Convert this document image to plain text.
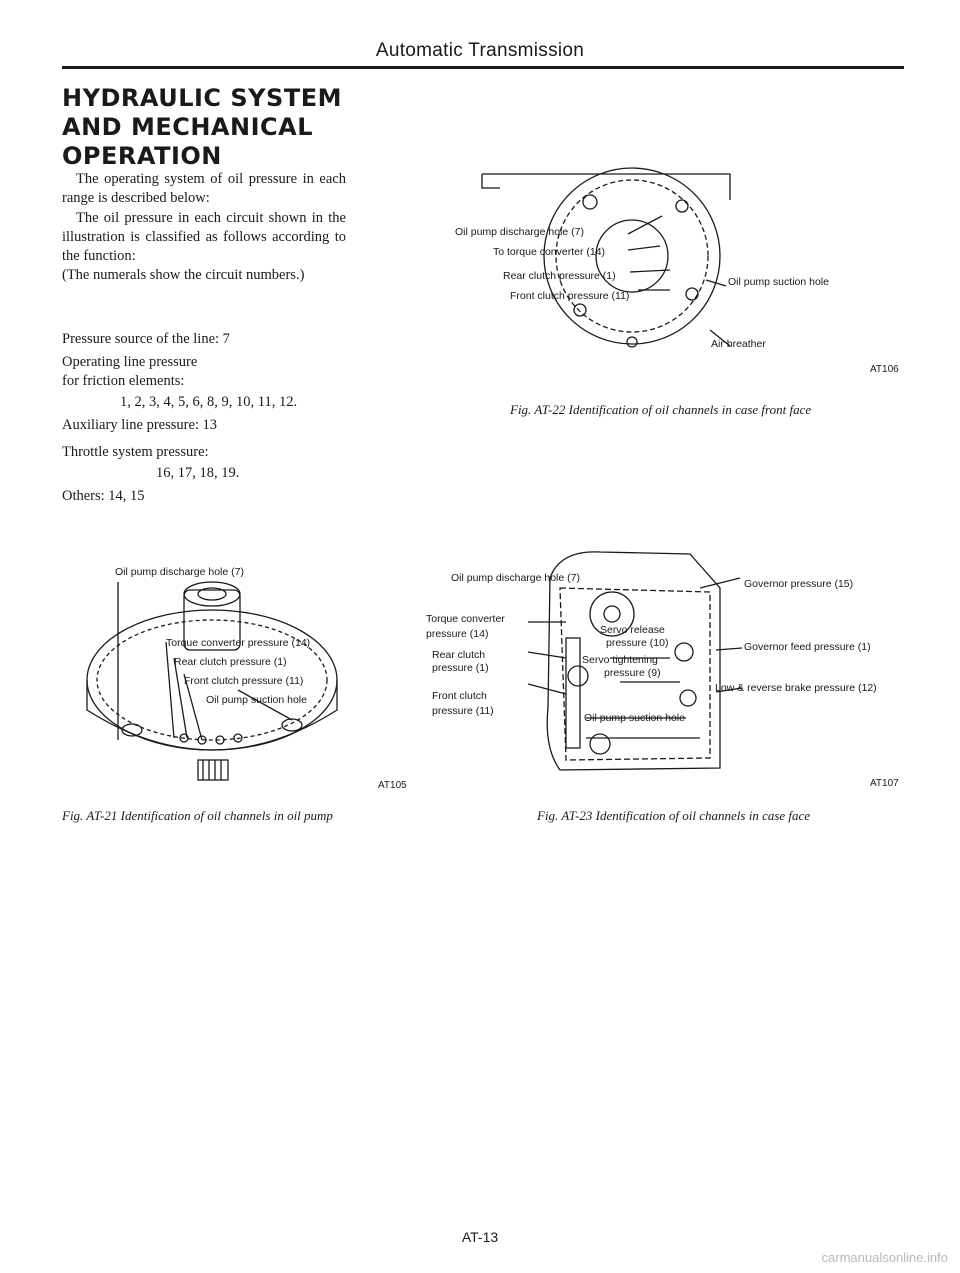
Automatic Transmission
HYDRAULIC SYSTEM
AND MECHANICAL
OPERATION
The operating system of oil pressure in each range is described below:
The oil pressure in each circuit shown in the illustration is classified as follows according to the function:
(The numerals show the circuit numbers.)
Pressure source of the line: 7
Operating line pressure
for friction elements:
1, 2, 3, 4, 5, 6, 8, 9, 10, 11, 12.
Auxiliary line pressure: 13
Throttle system pressure:
16, 17, 18, 19.
Others: 14, 15
Oil pump discharge hole (7)
Torque converter pressure (14)
Rear clutch pressure (1)
Front clutch pressure (11)
Oil pump suction hole
AT105
Fig. AT-21 Identification of oil channels in oil pump
Oil pump discharge hole (7)
To torque converter (14)
Rear clutch pressure (1)
Front clutch pressure (11)
Oil pump suction hole
Air breather
AT106
Fig. AT-22 Identification of oil channels in case front face
Oil pump discharge hole (7)
Torque converter
pressure (14)
Rear clutch
pressure (1)
Front clutch
pressure (11)
Servo release
pressure (10)
Servo tightening
pressure (9)
Oil pump suction hole
Governor pressure (15)
Governor feed pressure (1)
Low & reverse brake pressure (12)
AT107
Fig. AT-23 Identification of oil channels in case face
AT-13
carmanualsonline.info
